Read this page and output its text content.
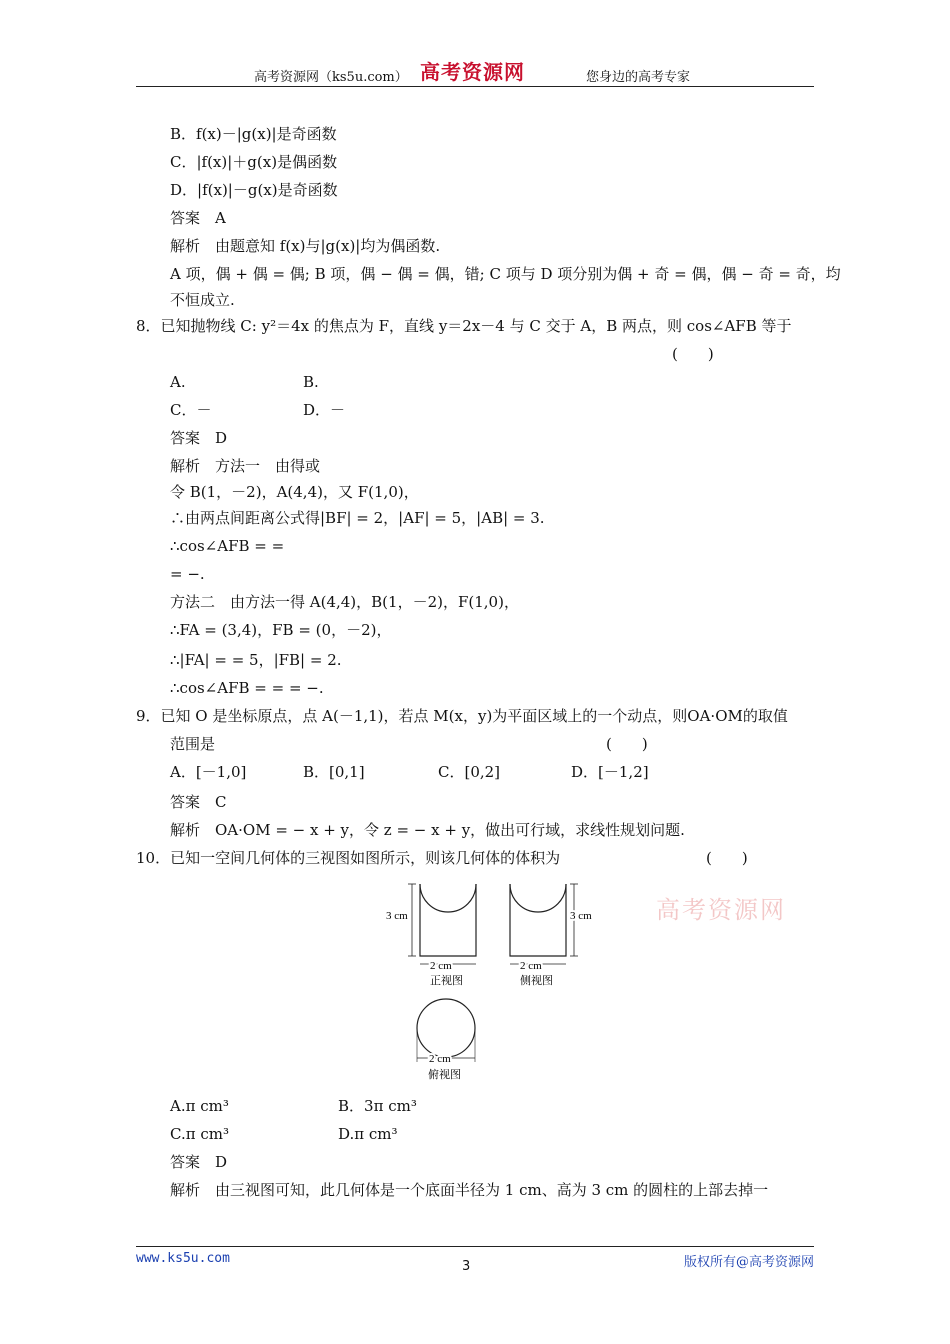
高考资源网（ks5u.com） 高考资源网	您身边的高考专家
B．f(x)－|g(x)|是奇函数
C．|f(x)|＋g(x)是偶函数
D．|f(x)|－g(x)是奇函数
答案　A
解析　由题意知 f(x)与|g(x)|均为偶函数.
A 项，偶 + 偶 = 偶; B 项，偶 − 偶 = 偶，错; C 项与 D 项分别为偶 + 奇 = 偶，偶 − 奇 = 奇，均
不恒成立.
8．已知抛物线 C: y²＝4x 的焦点为 F，直线 y＝2x－4 与 C 交于 A，B 两点，则 cos∠AFB 等于
(　　)
A.	B.
C．－	D．－
答案　D
解析　方法一　由得或
令 B(1，－2)，A(4,4)，又 F(1,0)，
∴由两点间距离公式得|BF| = 2，|AF| = 5，|AB| = 3.
∴cos∠AFB = =
= −.
方法二　由方法一得 A(4,4)，B(1，－2)，F(1,0)，
∴FA = (3,4)，FB = (0，－2)，
∴|FA| = = 5，|FB| = 2.
∴cos∠AFB = = = −.
9．已知 O 是坐标原点，点 A(－1,1)，若点 M(x，y)为平面区域上的一个动点，则OA·OM的取值
范围是	(　　)
A．[－1,0]	B．[0,1]	C．[0,2]	D．[－1,2]
答案　C
解析　OA·OM = − x + y，令 z = − x + y，做出可行域，求线性规划问题.
10．已知一空间几何体的三视图如图所示，则该几何体的体积为	(　　)
A.π cm³	B．3π cm³
C.π cm³	D.π cm³
答案　D
解析　由三视图可知，此几何体是一个底面半径为 1 cm、高为 3 cm 的圆柱的上部去掉一
3 cm
2 cm
正视图
3 cm
2 cm
侧视图
2 cm
俯视图
高考资源网
www.ks5u.com
3	版权所有@高考资源网
